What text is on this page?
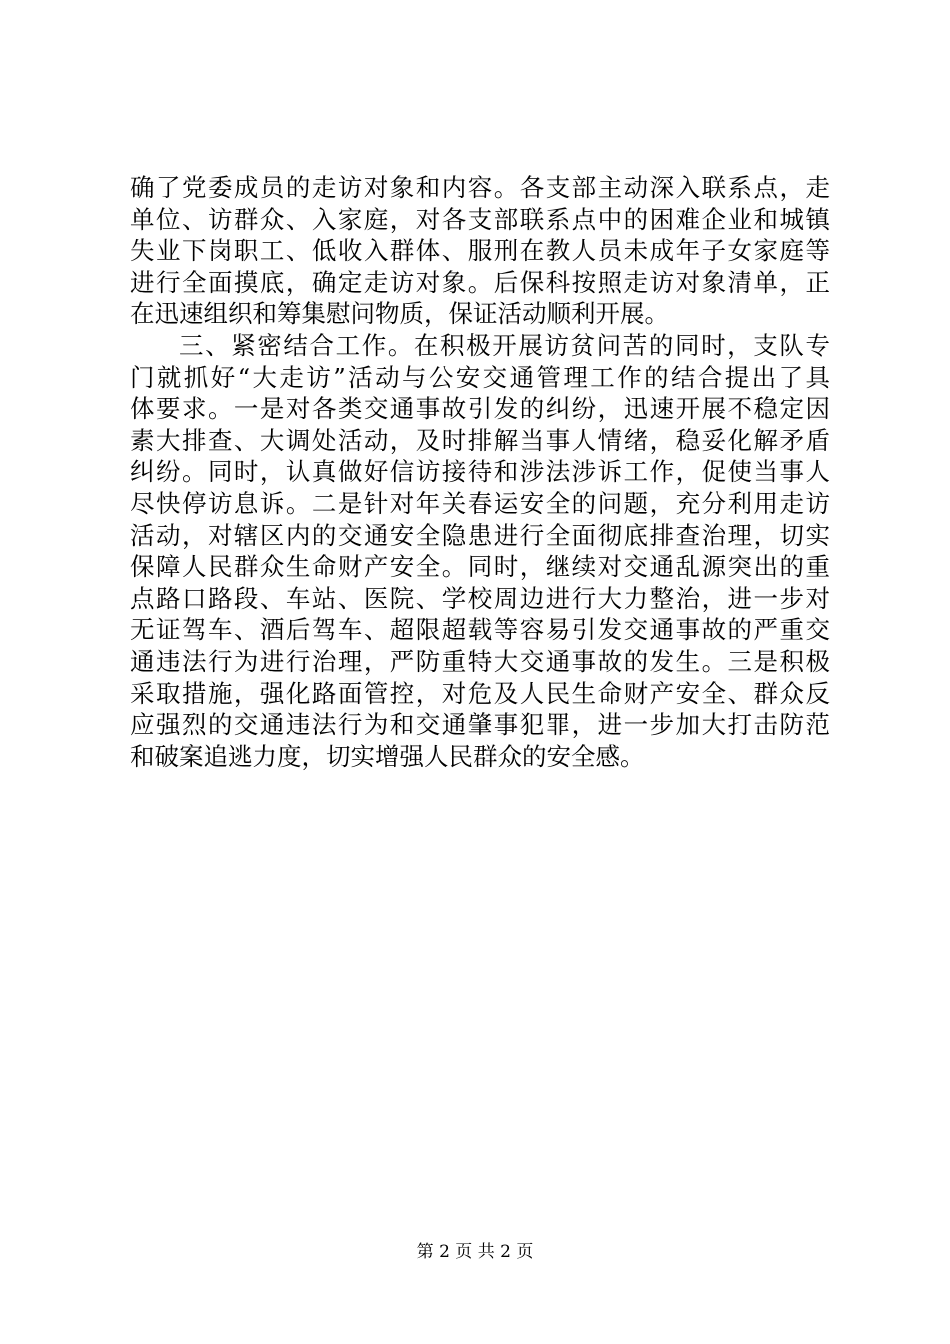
确了党委成员的走访对象和内容。各支部主动深入联系点，走
单位、访群众、入家庭，对各支部联系点中的困难企业和城镇
失业下岗职工、低收入群体、服刑在教人员未成年子女家庭等
进行全面摸底，确定走访对象。后保科按照走访对象清单，正
在迅速组织和筹集慰问物质，保证活动顺利开展。
三、紧密结合工作。在积极开展访贫问苦的同时，支队专
门就抓好“大走访”活动与公安交通管理工作的结合提出了具
体要求。一是对各类交通事故引发的纠纷，迅速开展不稳定因
素大排查、大调处活动，及时排解当事人情绪，稳妥化解矛盾
纠纷。同时，认真做好信访接待和涉法涉诉工作，促使当事人
尽快停访息诉。二是针对年关春运安全的问题，充分利用走访
活动，对辖区内的交通安全隐患进行全面彻底排查治理，切实
保障人民群众生命财产安全。同时，继续对交通乱源突出的重
点路口路段、车站、医院、学校周边进行大力整治，进一步对
无证驾车、酒后驾车、超限超载等容易引发交通事故的严重交
通违法行为进行治理，严防重特大交通事故的发生。三是积极
采取措施，强化路面管控，对危及人民生命财产安全、群众反
应强烈的交通违法行为和交通肇事犯罪，进一步加大打击防范
和破案追逃力度，切实增强人民群众的安全感。
第 2 页 共 2 页
